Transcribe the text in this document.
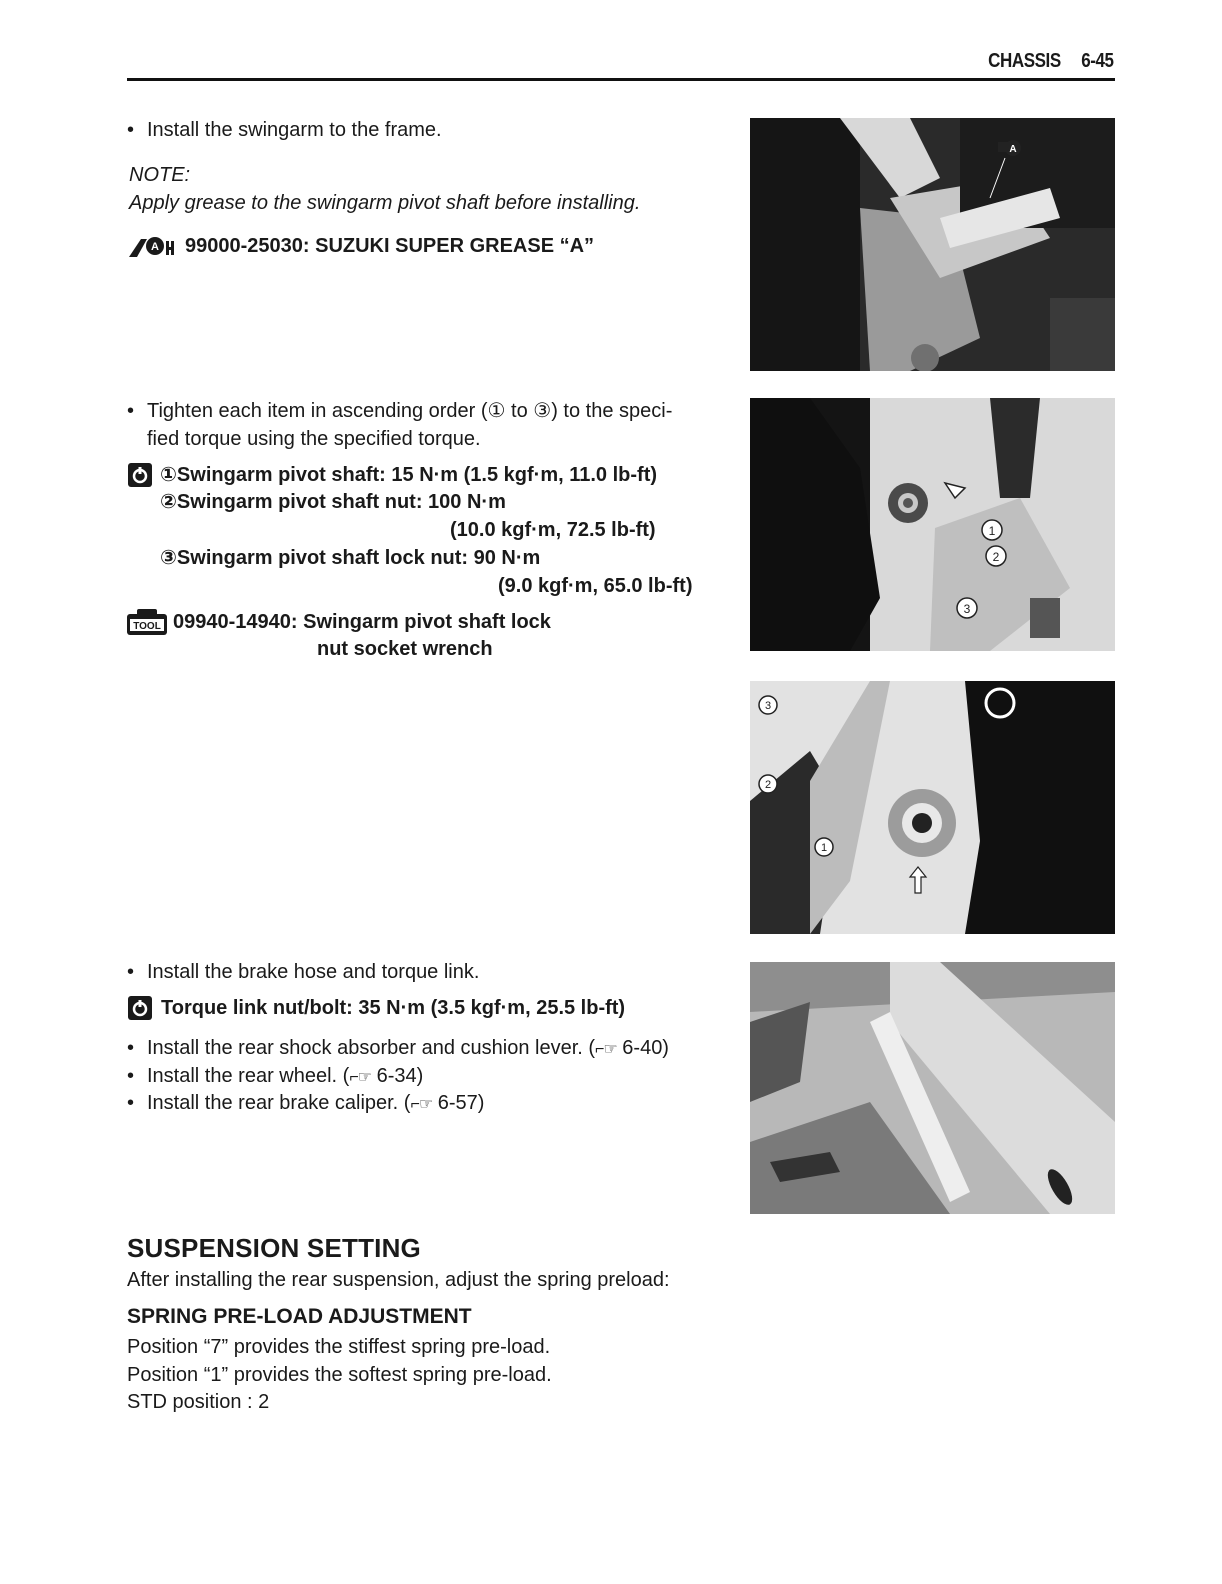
CHASSIS 6-45
• Install the swingarm to the frame.
NOTE:
Apply grease to the swingarm pivot shaft before installing.
A 99000-25030: SUZUKI SUPER GREASE “A”
• Tighten each item in ascending order (① to ③) to the speci-
fied torque using the specified torque.
①Swingarm pivot shaft: 15 N·m (1.5 kgf·m, 11.0 lb-ft)
②Swingarm pivot shaft nut: 100 N·m
(10.0 kgf·m, 72.5 lb-ft)
③Swingarm pivot shaft lock nut: 90 N·m
(9.0 kgf·m, 65.0 lb-ft)
TOOL 09940-14940: Swingarm pivot shaft lock
nut socket wrench
• Install the brake hose and torque link.
Torque link nut/bolt: 35 N·m (3.5 kgf·m, 25.5 lb-ft)
• Install the rear shock absorber and cushion lever. (⌐☞ 6-40)
• Install the rear wheel. (⌐☞ 6-34)
• Install the rear brake caliper. (⌐☞ 6-57)
SUSPENSION SETTING
After installing the rear suspension, adjust the spring preload:
SPRING PRE-LOAD ADJUSTMENT
Position “7” provides the stiffest spring pre-load.
Position “1” provides the softest spring pre-load.
STD position : 2
A
1
2
3
3
2
1
